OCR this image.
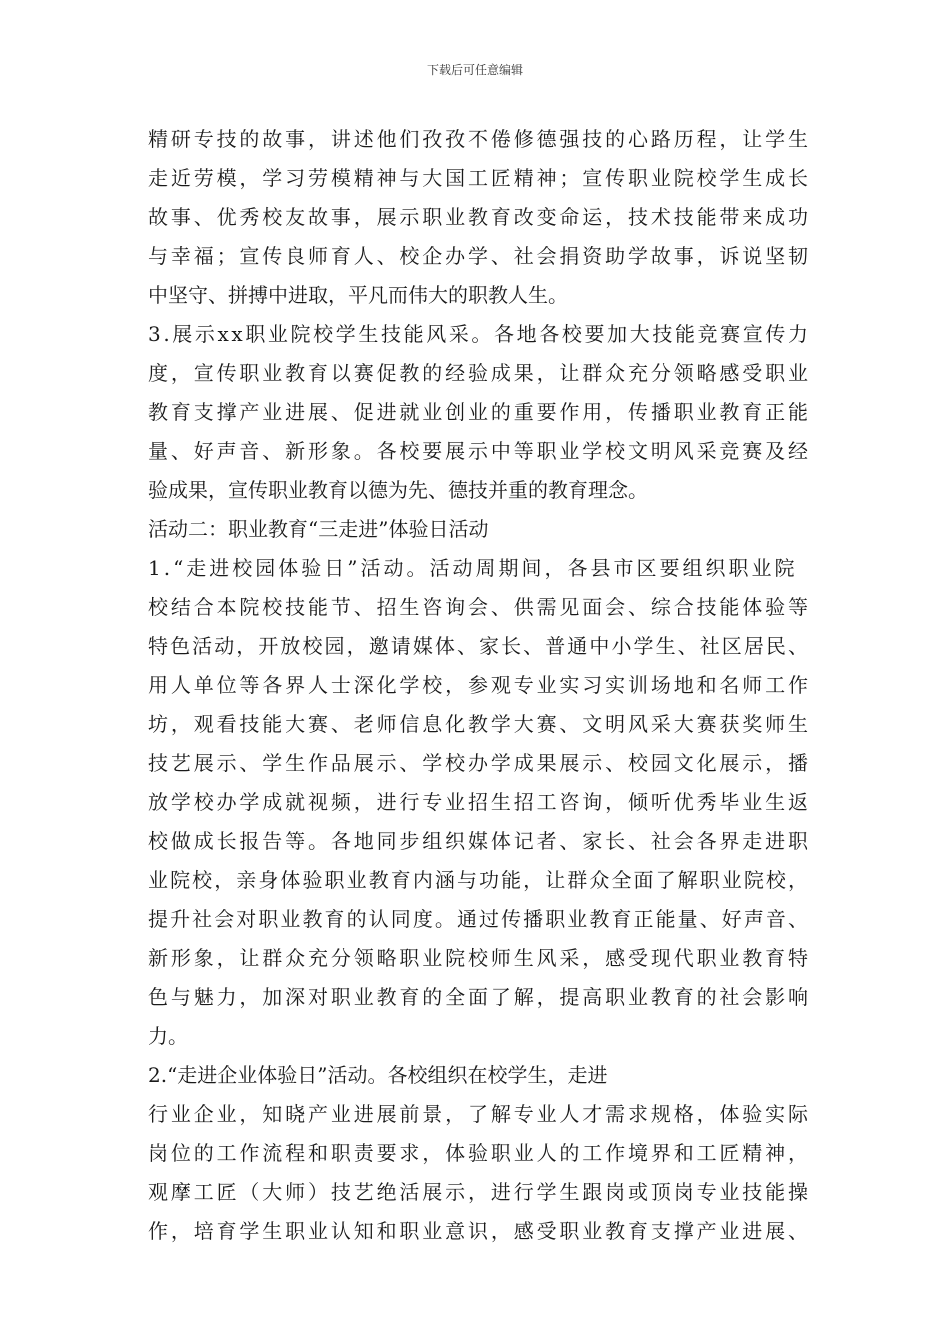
下载后可任意编辑
精研专技的故事，讲述他们孜孜不倦修德强技的心路历程，让学生
走近劳模，学习劳模精神与大国工匠精神；宣传职业院校学生成长
故事、优秀校友故事，展示职业教育改变命运，技术技能带来成功
与幸福；宣传良师育人、校企办学、社会捐资助学故事，诉说坚韧
中坚守、拼搏中进取，平凡而伟大的职教人生。
3.展示xx职业院校学生技能风采。各地各校要加大技能竞赛宣传力
度，宣传职业教育以赛促教的经验成果，让群众充分领略感受职业
教育支撑产业进展、促进就业创业的重要作用，传播职业教育正能
量、好声音、新形象。各校要展示中等职业学校文明风采竞赛及经
验成果，宣传职业教育以德为先、德技并重的教育理念。
活动二：职业教育“三走进”体验日活动
1.“走进校园体验日”活动。活动周期间，各县市区要组织职业院
校结合本院校技能节、招生咨询会、供需见面会、综合技能体验等
特色活动，开放校园，邀请媒体、家长、普通中小学生、社区居民、
用人单位等各界人士深化学校，参观专业实习实训场地和名师工作
坊，观看技能大赛、老师信息化教学大赛、文明风采大赛获奖师生
技艺展示、学生作品展示、学校办学成果展示、校园文化展示，播
放学校办学成就视频，进行专业招生招工咨询，倾听优秀毕业生返
校做成长报告等。各地同步组织媒体记者、家长、社会各界走进职
业院校，亲身体验职业教育内涵与功能，让群众全面了解职业院校，
提升社会对职业教育的认同度。通过传播职业教育正能量、好声音、
新形象，让群众充分领略职业院校师生风采，感受现代职业教育特
色与魅力，加深对职业教育的全面了解，提高职业教育的社会影响
力。
2.“走进企业体验日”活动。各校组织在校学生，走进
行业企业，知晓产业进展前景，了解专业人才需求规格，体验实际
岗位的工作流程和职责要求，体验职业人的工作境界和工匠精神，
观摩工匠（大师）技艺绝活展示，进行学生跟岗或顶岗专业技能操
作，培育学生职业认知和职业意识，感受职业教育支撑产业进展、
